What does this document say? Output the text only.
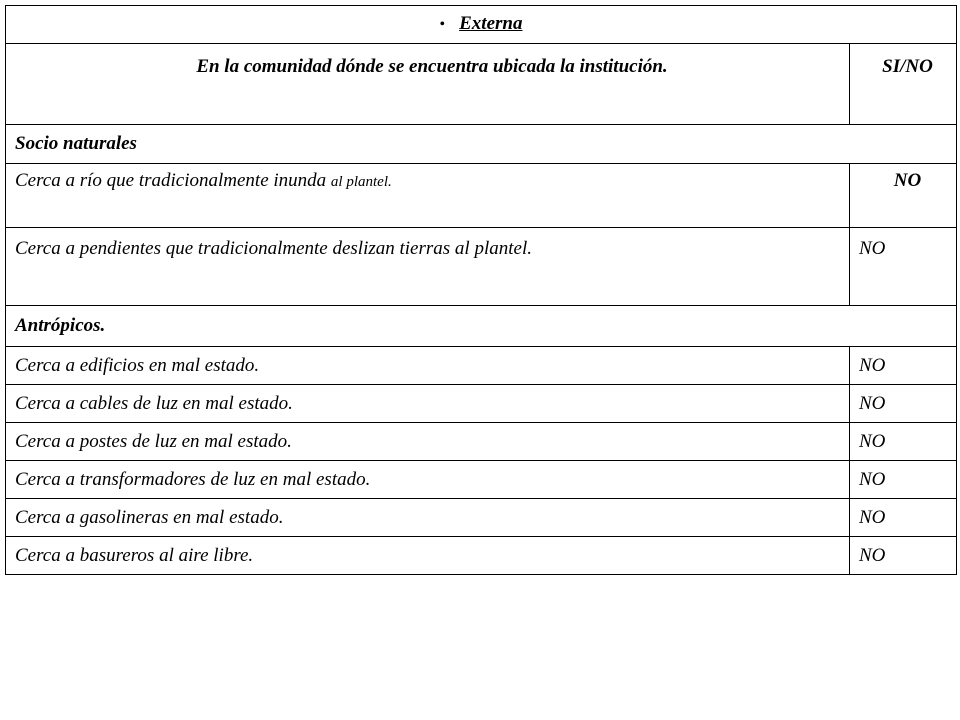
• Externa	
En la comunidad dónde se encuentra ubicada la institución.	SI/NO
Socio naturales	
Cerca a río que tradicionalmente inunda al plantel.	NO
Cerca a pendientes que tradicionalmente deslizan tierras al plantel.	NO
Antrópicos.	
Cerca a edificios en mal estado.	NO
Cerca a cables de luz en mal estado.	NO
Cerca a postes de luz en mal estado.	NO
Cerca a transformadores de luz en mal estado.	NO
Cerca a gasolineras en mal estado.	NO
Cerca a basureros al aire libre.	NO
